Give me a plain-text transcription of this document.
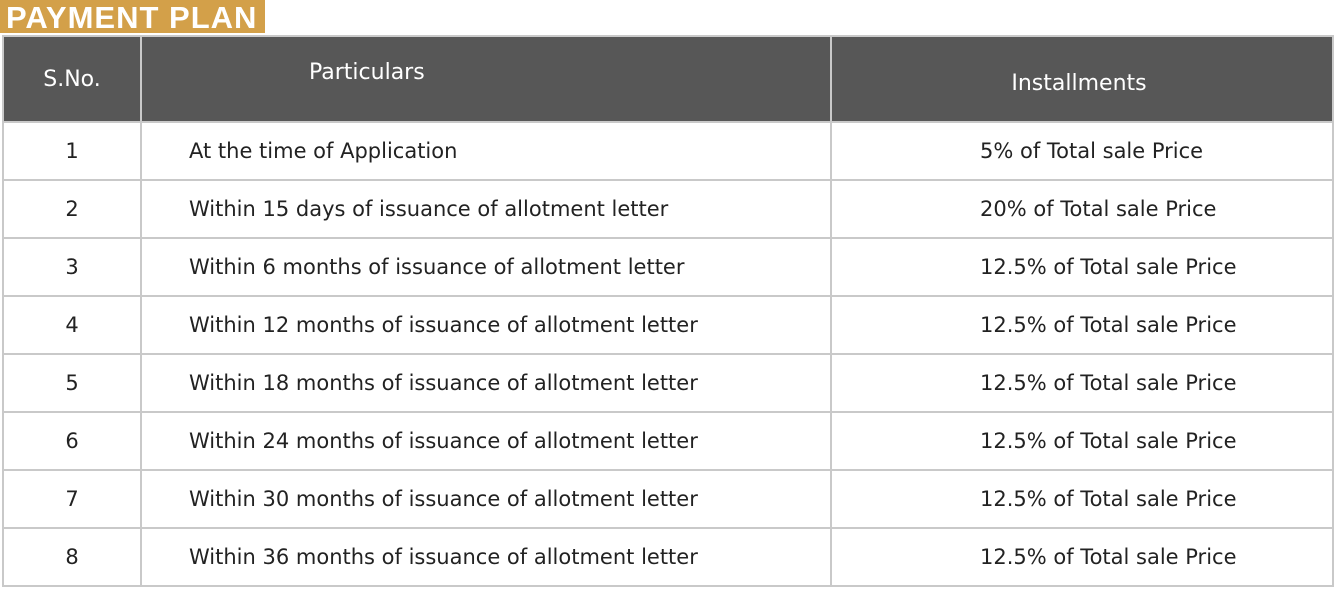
PAYMENT PLAN
S.No.	Particulars	Installments
1	At the time of Application	5% of Total sale Price
2	Within 15 days of issuance of allotment letter	20% of Total sale Price
3	Within 6 months of issuance of allotment letter	12.5% of Total sale Price
4	Within 12 months of issuance of allotment letter	12.5% of Total sale Price
5	Within 18 months of issuance of allotment letter	12.5% of Total sale Price
6	Within 24 months of issuance of allotment letter	12.5% of Total sale Price
7	Within 30 months of issuance of allotment letter	12.5% of Total sale Price
8	Within 36 months of issuance of allotment letter	12.5% of Total sale Price
